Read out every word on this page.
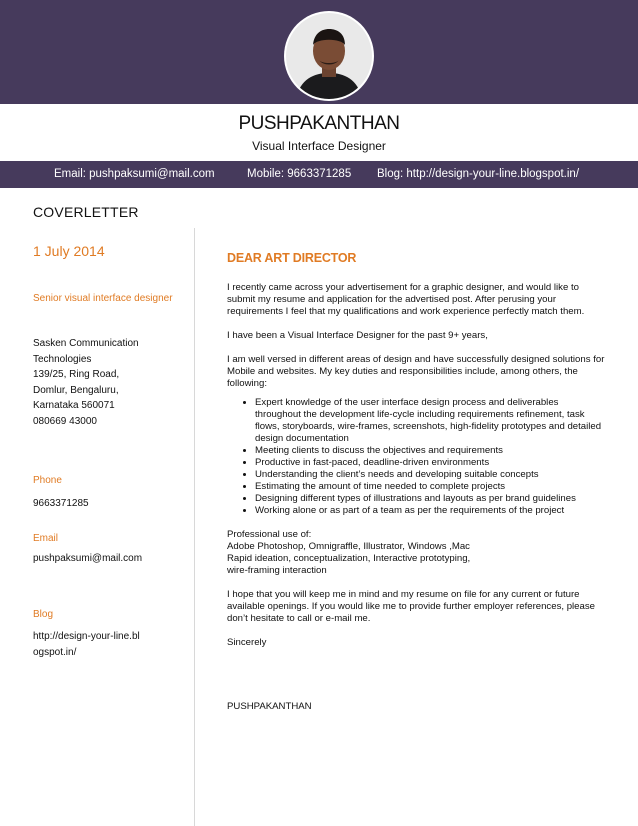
PUSHPAKANTHAN
Visual Interface Designer
Email: pushpaksumi@mail.com	Mobile: 9663371285 Blog: http://design-your-line.blogspot.in/
COVERLETTER
1 July 2014
Senior visual interface designer
Sasken Communication
Technologies
139/25, Ring Road,
Domlur, Bengaluru,
Karnataka 560071
080669 43000
Phone
9663371285
Email
pushpaksumi@mail.com
Blog
http://design-your-line.blogspot.in/
DEAR ART DIRECTOR

I recently came across your advertisement for a graphic designer, and would like to submit my resume and application for the advertised post. After perusing your requirements I feel that my qualifications and work experience perfectly match them.

I have been a Visual Interface Designer for the past 9+ years,

I am well versed in different areas of design and have successfully designed solutions for Mobile and websites. My key duties and responsibilities include, among others, the following:

• Expert knowledge of the user interface design process and deliverables throughout the development life-cycle including requirements refinement, task flows, storyboards, wire-frames, screenshots, high-fidelity prototypes and detailed design documentation
• Meeting clients to discuss the objectives and requirements
• Productive in fast-paced, deadline-driven environments
• Understanding the client’s needs and developing suitable concepts
• Estimating the amount of time needed to complete projects
• Designing different types of illustrations and layouts as per brand guidelines
• Working alone or as part of a team as per the requirements of the project
Professional use of:
Adobe Photoshop, Omnigraffle, Illustrator, Windows ,Mac
Rapid ideation, conceptualization, Interactive prototyping,
wire-framing interaction

I hope that you will keep me in mind and my resume on file for any current or future available openings. If you would like me to provide further employer references, please don’t hesitate to call or e-mail me.

Sincerely

PUSHPAKANTHAN
